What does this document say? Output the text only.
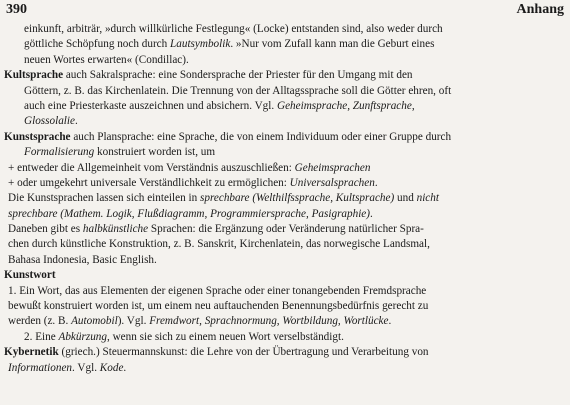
390	Anhang
einkunft, arbiträr, »durch willkürliche Festlegung« (Locke) entstanden sind, also weder durch
göttliche Schöpfung noch durch Lautsymbolik. »Nur vom Zufall kann man die Geburt eines
neuen Wortes erwarten« (Condillac).
Kultsprache auch Sakralsprache: eine Sondersprache der Priester für den Umgang mit den
Göttern, z. B. das Kirchenlatein. Die Trennung von der Alltagssprache soll die Götter ehren, oft
auch eine Priesterkaste auszeichnen und absichern. Vgl. Geheimsprache, Zunftsprache,
Glossolalie.
Kunstsprache auch Plansprache: eine Sprache, die von einem Individuum oder einer Gruppe durch
Formalisierung konstruiert worden ist, um
+ entweder die Allgemeinheit vom Verständnis auszuschließen: Geheimsprachen
+ oder umgekehrt universale Verständlichkeit zu ermöglichen: Universalsprachen.
Die Kunstsprachen lassen sich einteilen in sprechbare (Welthilfssprache, Kultsprache) und nicht
sprechbare (Mathem. Logik, Flußdiagramm, Programmiersprache, Pasigraphie).
Daneben gibt es halbkünstliche Sprachen: die Ergänzung oder Veränderung natürlicher Spra-
chen durch künstliche Konstruktion, z. B. Sanskrit, Kirchenlatein, das norwegische Landsmal,
Bahasa Indonesia, Basic English.
Kunstwort
1. Ein Wort, das aus Elementen der eigenen Sprache oder einer tonangebenden Fremdsprache
bewußt konstruiert worden ist, um einem neu auftauchenden Benennungsbedürfnis gerecht zu
werden (z. B. Automobil). Vgl. Fremdwort, Sprachnormung, Wortbildung, Wortlücke.
2. Eine Abkürzung, wenn sie sich zu einem neuen Wort verselbständigt.
Kybernetik (griech.) Steuermannskunst: die Lehre von der Übertragung und Verarbeitung von
Informationen. Vgl. Kode.
